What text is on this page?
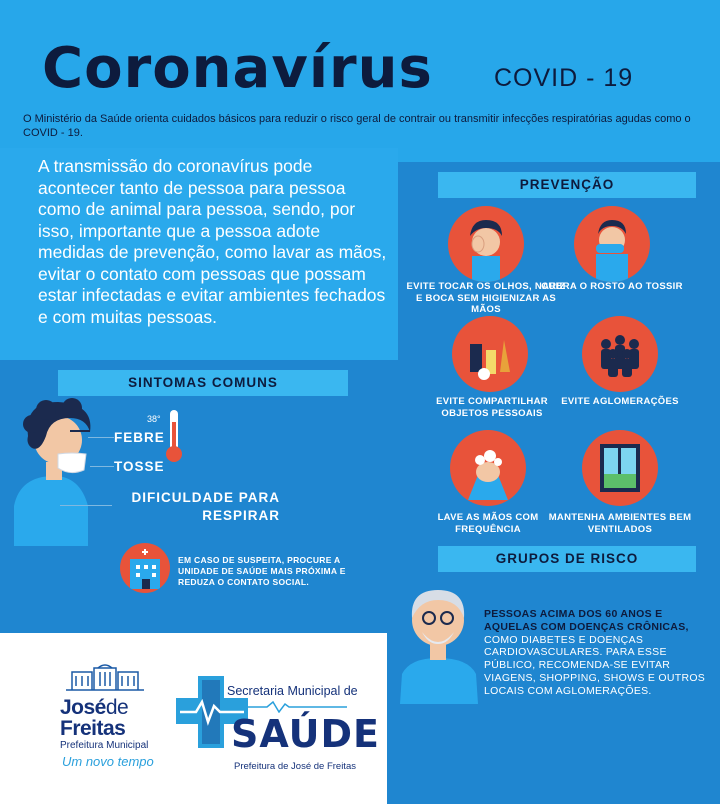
Coronavírus COVID - 19
O Ministério da Saúde orienta cuidados básicos para reduzir o risco geral de contrair ou transmitir infecções respiratórias agudas como o COVID - 19.
A transmissão do coronavírus pode acontecer tanto de pessoa para pessoa como de animal para pessoa, sendo, por isso, importante que a pessoa adote medidas de prevenção, como lavar as mãos, evitar o contato com pessoas que possam estar infectadas e evitar ambientes fechados e com muitas pessoas.
PREVENÇÃO
EVITE TOCAR OS OLHOS, NARIZ E BOCA SEM HIGIENIZAR AS MÃOS
CUBRA O ROSTO AO TOSSIR
EVITE COMPARTILHAR OBJETOS PESSOAIS
EVITE AGLOMERAÇÕES
LAVE AS MÃOS COM FREQUÊNCIA
MANTENHA AMBIENTES BEM VENTILADOS
SINTOMAS COMUNS
38°
FEBRE
TOSSE
DIFICULDADE PARA RESPIRAR
EM CASO DE SUSPEITA, PROCURE A UNIDADE DE SAÚDE MAIS PRÓXIMA E REDUZA O CONTATO SOCIAL.
GRUPOS DE RISCO
PESSOAS ACIMA DOS 60 ANOS E AQUELAS COM DOENÇAS CRÔNICAS,
COMO DIABETES E DOENÇAS CARDIOVASCULARES. PARA ESSE PÚBLICO, RECOMENDA-SE EVITAR VIAGENS, SHOPPING, SHOWS E OUTROS LOCAIS COM AGLOMERAÇÕES.
Joséde
Freitas
Prefeitura Municipal
Um novo tempo
Secretaria Municipal de
SAÚDE
Prefeitura de José de Freitas
